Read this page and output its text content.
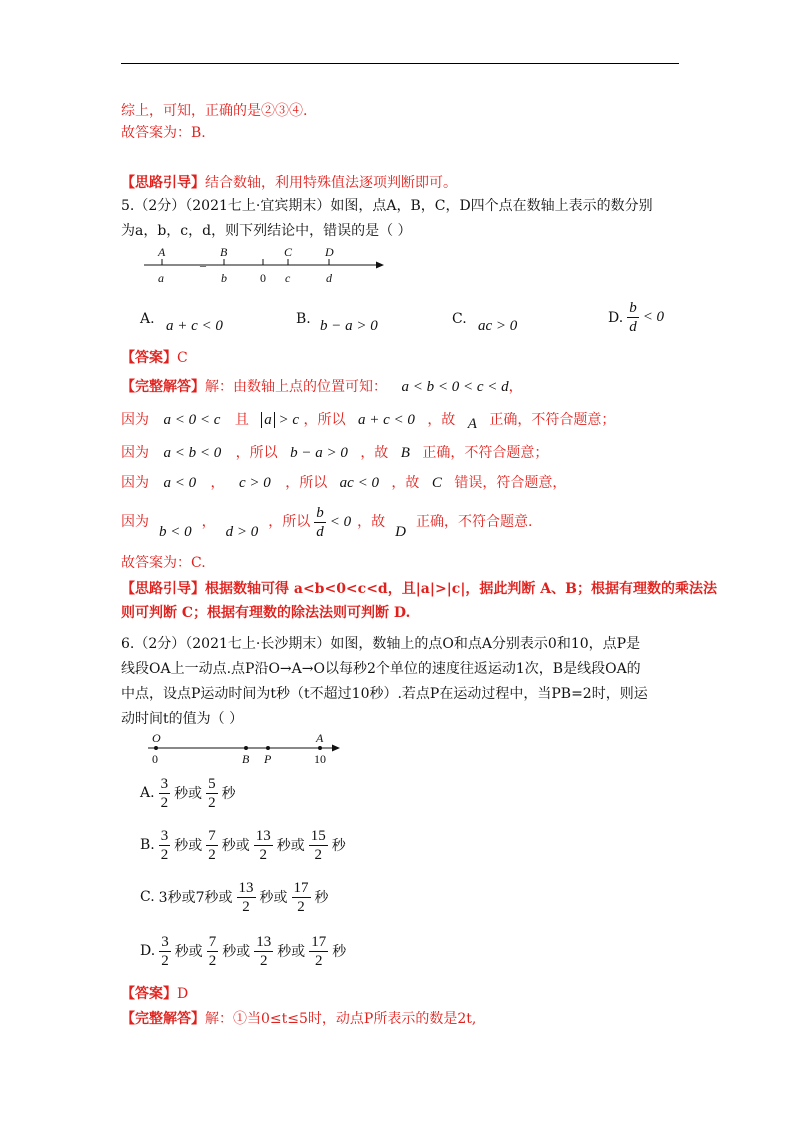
综上，可知，正确的是②③④.
故答案为：B.
【思路引导】结合数轴，利用特殊值法逐项判断即可。
5.（2分）（2021七上·宜宾期末）如图，点A，B，C，D四个点在数轴上表示的数分别
为a，b，c，d，则下列结论中，错误的是（ ）
A	B	C	D
a
–
b	0 c	d
A. a + c < 0	B. b − a > 0	C. ac > 0
D. $\frac{b}{d} < 0$
【答案】C
【完整解答】解：由数轴上点的位置可知： a < b < 0 < c < d，
因为 a < 0 < c 且 a > c ，所以 a + c < 0 ，故 A 正确，不符合题意；
因为 a < b < 0 ，所以 b − a > 0 ，故 B 正确，不符合题意；
因为 a < 0 ， c > 0 ，所以 ac < 0 ，故 C 错误，符合题意，
因为
b < 0
，
d > 0
，所以 $\frac{b}{d} < 0$ ，故
D
正确，不符合题意.
故答案为：C.
【思路引导】根据数轴可得 a<b<0<c<d，且|a|>|c|，据此判断 A、B；根据有理数的乘法法
则可判断 C；根据有理数的除法法则可判断 D.
6.（2分）（2021七上·长沙期末）如图，数轴上的点O和点A分别表示0和10，点P是
线段OA上一动点.点P沿O→A→O以每秒2个单位的速度往返运动1次，B是线段OA的
中点，设点P运动时间为t秒（t不超过10秒）.若点P在运动过程中，当PB=2时，则运
动时间t的值为（ ）
O	A
0	B P	10
A. $\frac{3}{2}$ 秒或 $\frac{5}{2}$ 秒
B. $\frac{3}{2}$ 秒或 $\frac{7}{2}$ 秒或 $\frac{13}{2}$ 秒或 $\frac{15}{2}$ 秒
C. 3秒或7秒或 $\frac{13}{2}$ 秒或 $\frac{17}{2}$ 秒
D. $\frac{3}{2}$ 秒或 $\frac{7}{2}$ 秒或 $\frac{13}{2}$ 秒或 $\frac{17}{2}$ 秒
【答案】D
【完整解答】解：①当0≤t≤5时，动点P所表示的数是2t,
